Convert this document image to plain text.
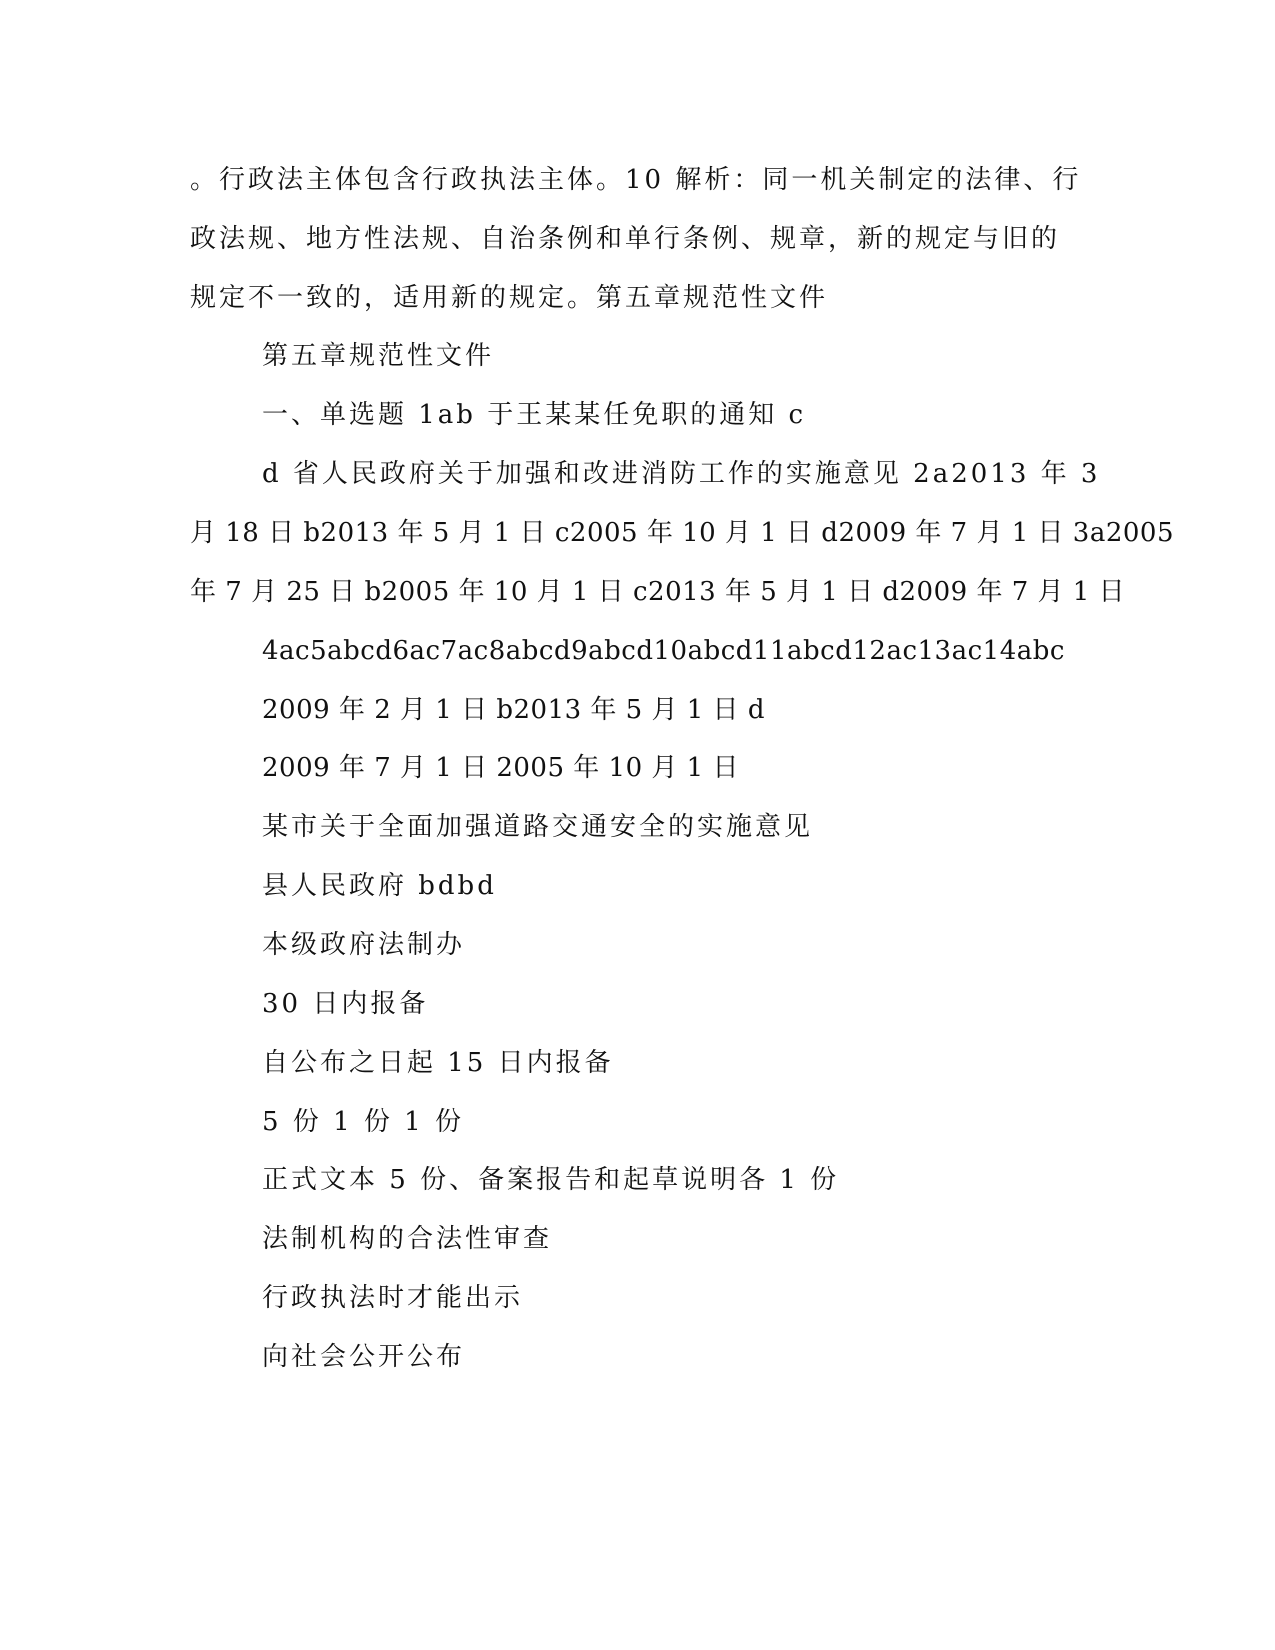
。行政法主体包含行政执法主体。10 解析：同一机关制定的法律、行
政法规、地方性法规、自治条例和单行条例、规章，新的规定与旧的
规定不一致的，适用新的规定。第五章规范性文件
第五章规范性文件
一、单选题 1ab 于王某某任免职的通知 c
d 省人民政府关于加强和改进消防工作的实施意见 2a2013 年 3
月 18 日 b2013 年 5 月 1 日 c2005 年 10 月 1 日 d2009 年 7 月 1 日 3a2005
年 7 月 25 日 b2005 年 10 月 1 日 c2013 年 5 月 1 日 d2009 年 7 月 1 日
4ac5abcd6ac7ac8abcd9abcd10abcd11abcd12ac13ac14abc
2009 年 2 月 1 日 b2013 年 5 月 1 日 d
2009 年 7 月 1 日 2005 年 10 月 1 日
某市关于全面加强道路交通安全的实施意见
县人民政府 bdbd
本级政府法制办
30 日内报备
自公布之日起 15 日内报备
5 份 1 份 1 份
正式文本 5 份、备案报告和起草说明各 1 份
法制机构的合法性审查
行政执法时才能出示
向社会公开公布
